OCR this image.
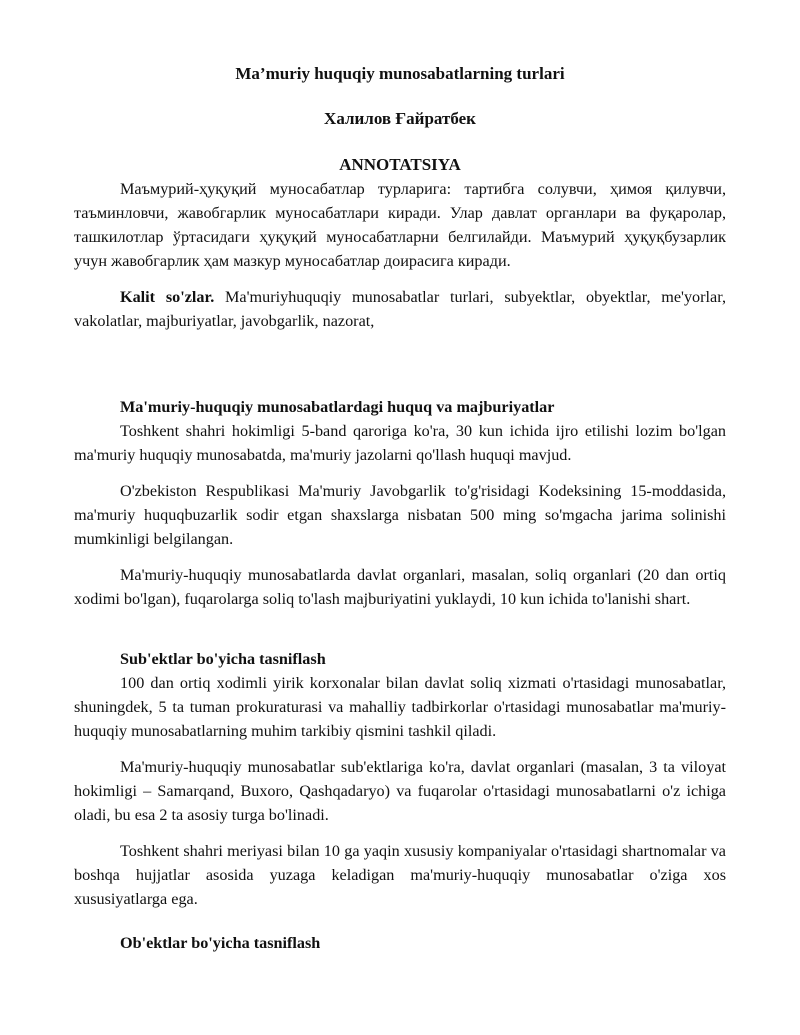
Ma’muriy huquqiy munosabatlarning turlari
Халилов Ғайратбек
ANNOTATSIYA

Маъмурий-ҳуқуқий муносабатлар турларига: тартибга солувчи, ҳимоя қилувчи, таъминловчи, жавобгарлик муносабатлари киради. Улар давлат органлари ва фуқаролар, ташкилотлар ўртасидаги ҳуқуқий муносабатларни белгилайди. Маъмурий ҳуқуқбузарлик учун жавобгарлик ҳам мазкур муносабатлар доирасига киради.

Kalit so'zlar. Ma'muriyhuquqiy munosabatlar turlari, subyektlar, obyektlar, me'yorlar, vakolatlar, majburiyatlar, javobgarlik, nazorat,

Ma'muriy-huquqiy munosabatlardagi huquq va majburiyatlar

Toshkent shahri hokimligi 5-band qaroriga ko'ra, 30 kun ichida ijro etilishi lozim bo'lgan ma'muriy huquqiy munosabatda, ma'muriy jazolarni qo'llash huquqi mavjud.

O'zbekiston Respublikasi Ma'muriy Javobgarlik to'g'risidagi Kodeksining 15-moddasida, ma'muriy huquqbuzarlik sodir etgan shaxslarga nisbatan 500 ming so'mgacha jarima solinishi mumkinligi belgilangan.

Ma'muriy-huquqiy munosabatlarda davlat organlari, masalan, soliq organlari (20 dan ortiq xodimi bo'lgan), fuqarolarga soliq to'lash majburiyatini yuklaydi, 10 kun ichida to'lanishi shart.

Sub'ektlar bo'yicha tasniflash

100 dan ortiq xodimli yirik korxonalar bilan davlat soliq xizmati o'rtasidagi munosabatlar, shuningdek, 5 ta tuman prokuraturasi va mahalliy tadbirkorlar o'rtasidagi munosabatlar ma'muriy-huquqiy munosabatlarning muhim tarkibiy qismini tashkil qiladi.

Ma'muriy-huquqiy munosabatlar sub'ektlariga ko'ra, davlat organlari (masalan, 3 ta viloyat hokimligi – Samarqand, Buxoro, Qashqadaryo) va fuqarolar o'rtasidagi munosabatlarni o'z ichiga oladi, bu esa 2 ta asosiy turga bo'linadi.

Toshkent shahri meriyasi bilan 10 ga yaqin xususiy kompaniyalar o'rtasidagi shartnomalar va boshqa hujjatlar asosida yuzaga keladigan ma'muriy-huquqiy munosabatlar o'ziga xos xususiyatlarga ega.

Ob'ektlar bo'yicha tasniflash
